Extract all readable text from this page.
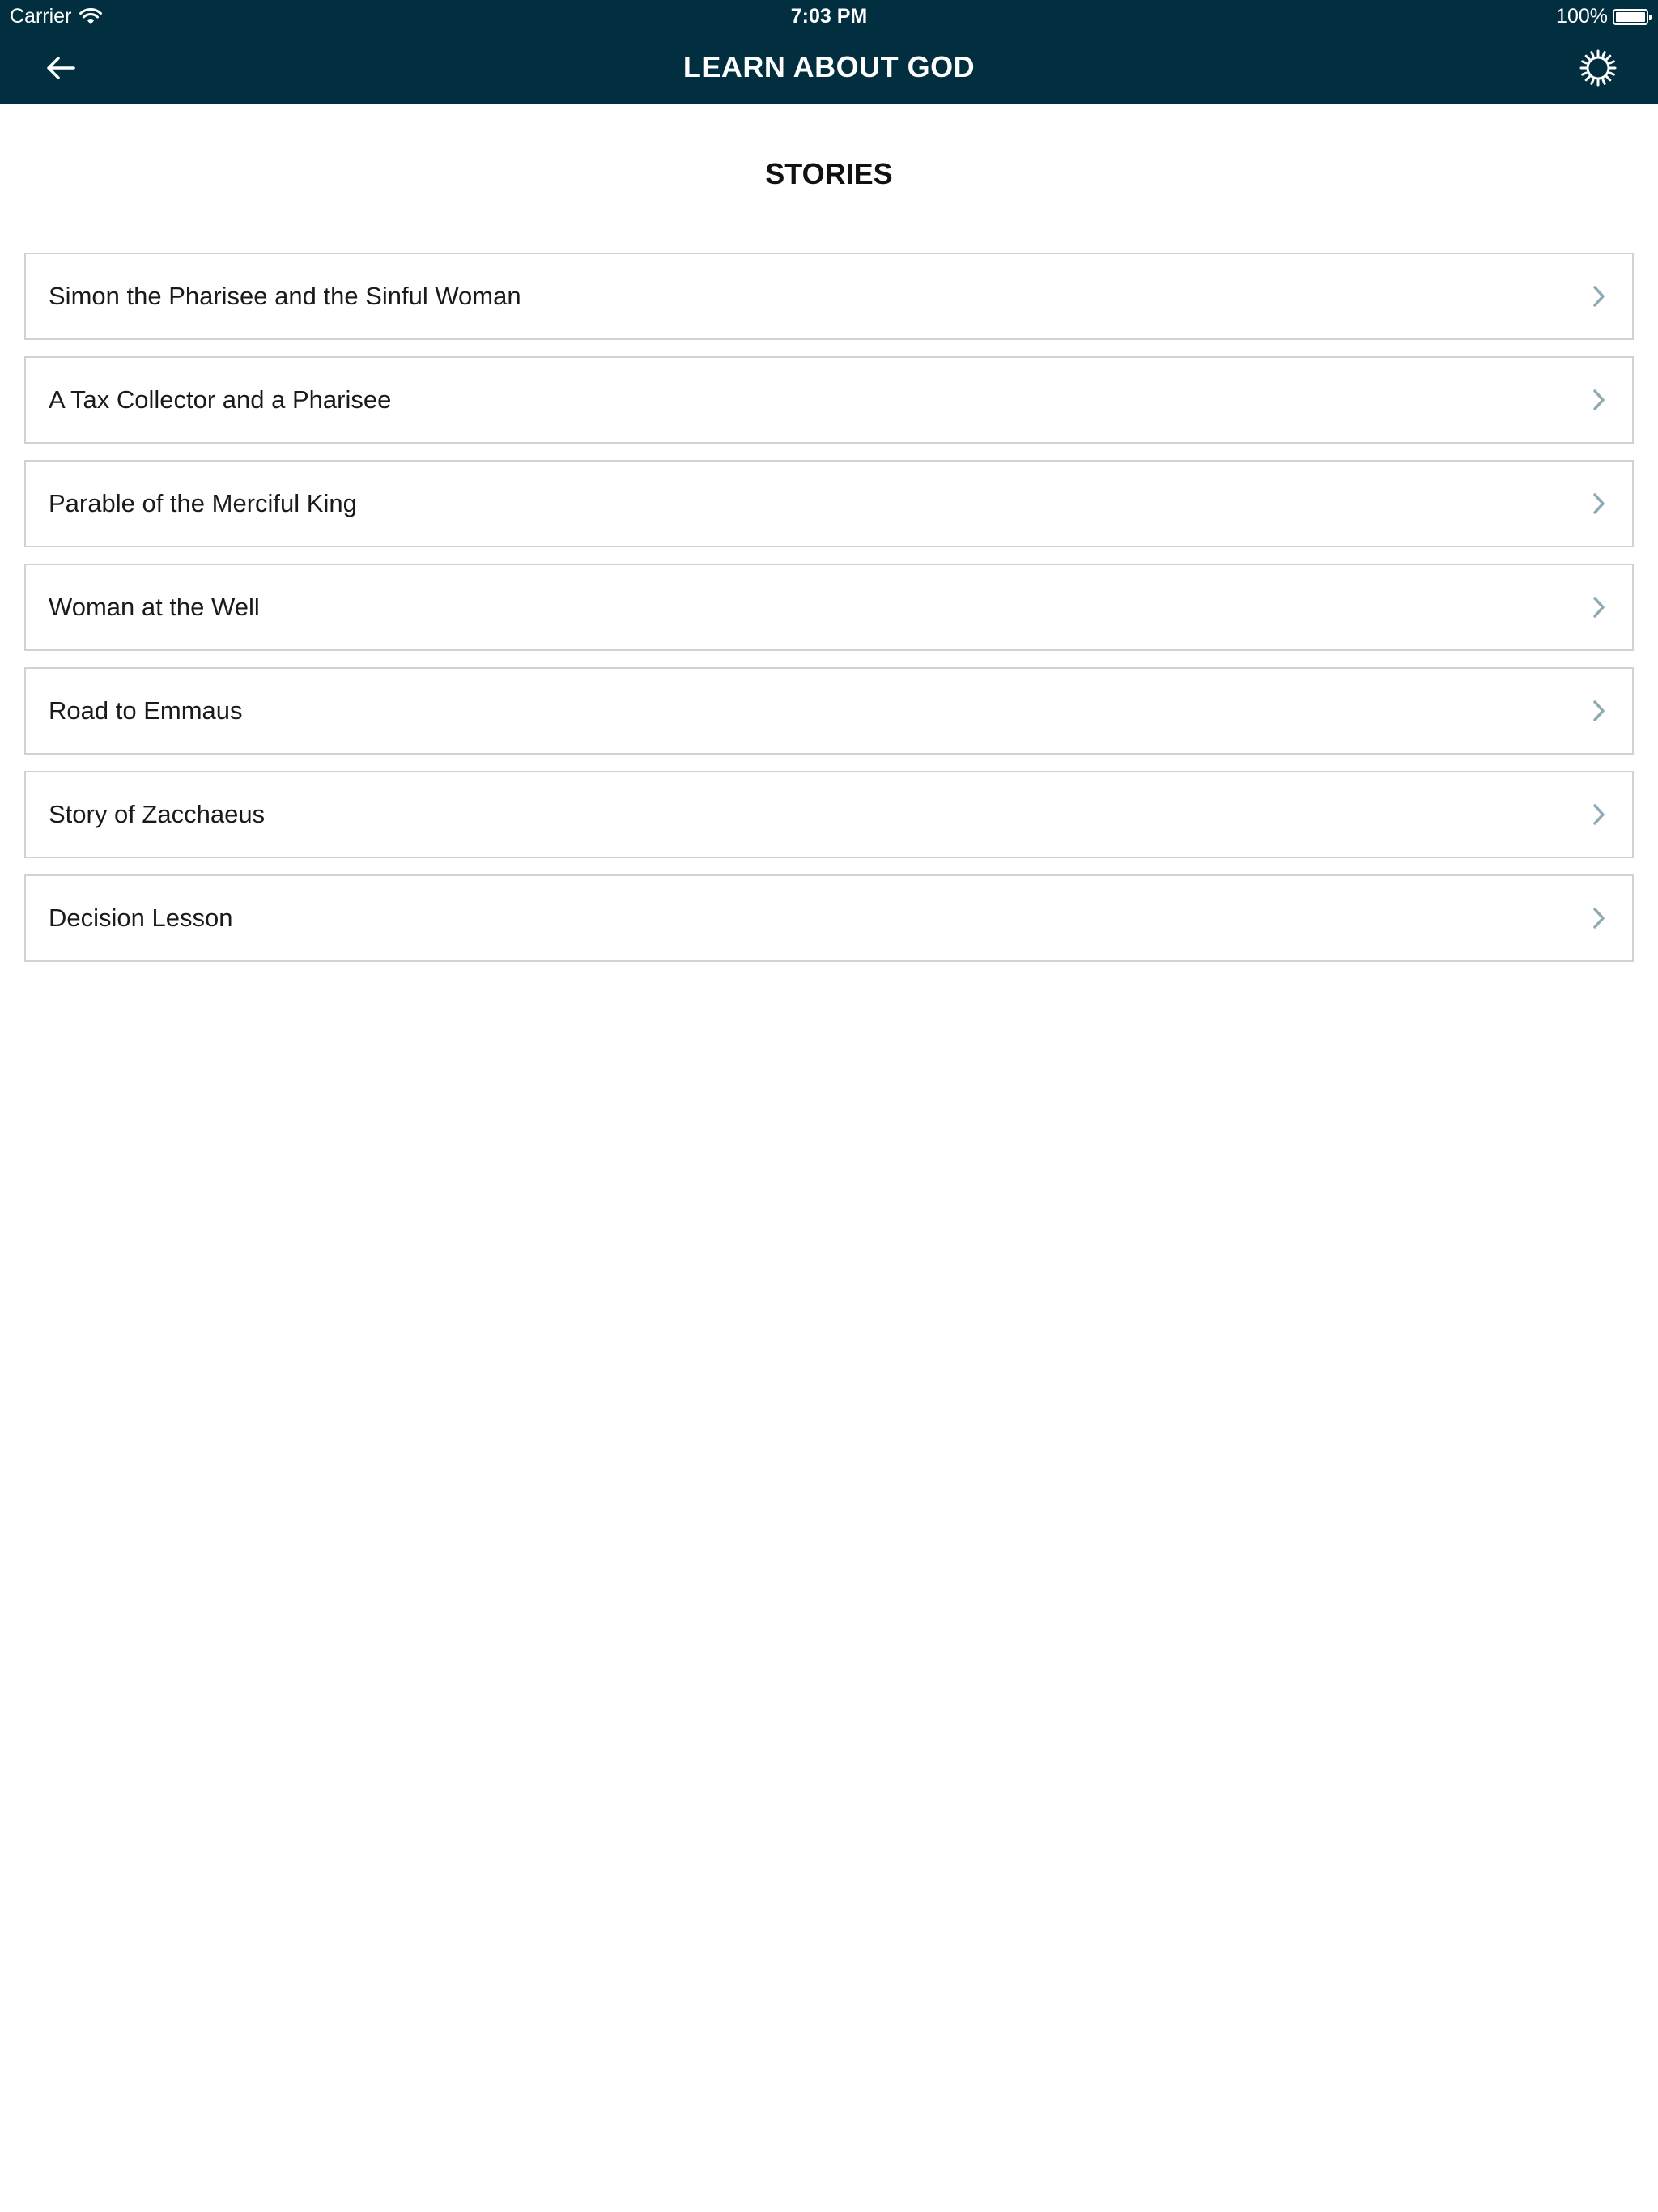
Carrier	7:03 PM	100%
LEARN ABOUT GOD
STORIES
Simon the Pharisee and the Sinful Woman
A Tax Collector and a Pharisee
Parable of the Merciful King
Woman at the Well
Road to Emmaus
Story of Zacchaeus
Decision Lesson
